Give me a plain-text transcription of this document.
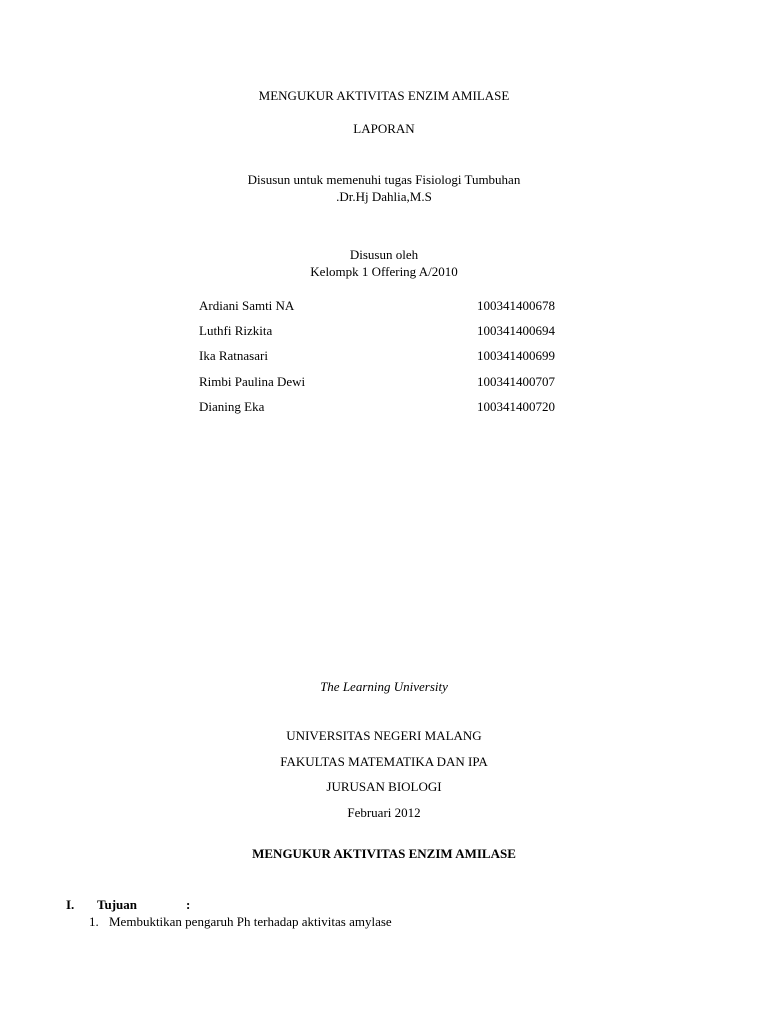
MENGUKUR AKTIVITAS ENZIM AMILASE
LAPORAN
Disusun untuk memenuhi tugas Fisiologi Tumbuhan
.Dr.Hj Dahlia,M.S
Disusun oleh
Kelompk 1 Offering A/2010
Ardiani Samti NA	100341400678
Luthfi Rizkita	100341400694
Ika Ratnasari	100341400699
Rimbi Paulina Dewi	100341400707
Dianing Eka	100341400720
The Learning University
UNIVERSITAS NEGERI MALANG
FAKULTAS MATEMATIKA DAN IPA
JURUSAN BIOLOGI
Februari 2012
MENGUKUR AKTIVITAS ENZIM AMILASE
I. Tujuan	:
1. Membuktikan pengaruh Ph terhadap aktivitas amylase
